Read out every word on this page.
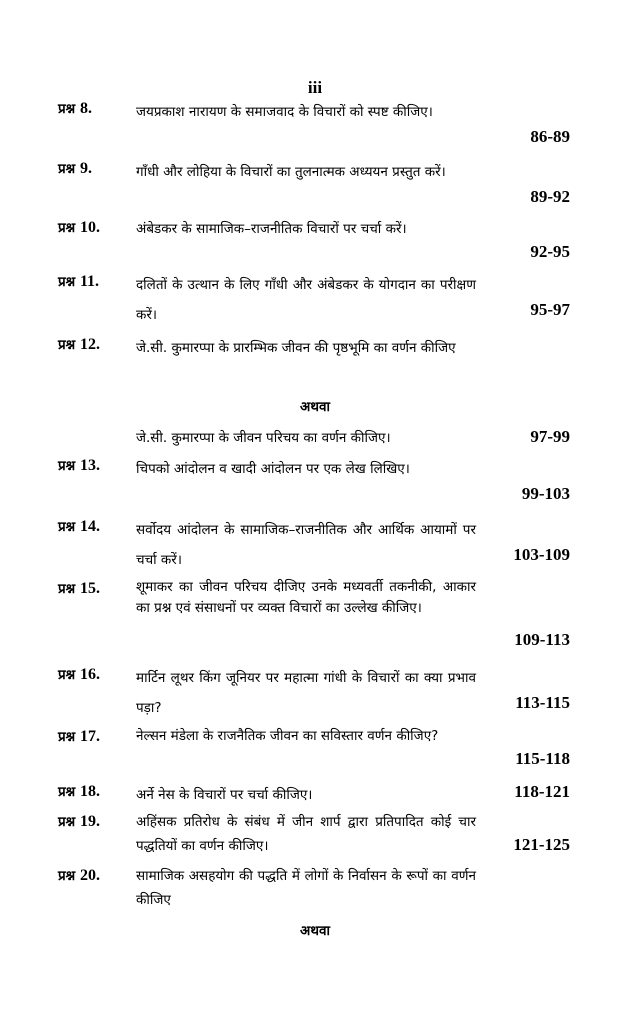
iii
प्रश्न 8.	जयप्रकाश नारायण के समाजवाद के विचारों को स्पष्ट कीजिए।
86-89
प्रश्न 9.	गाँधी और लोहिया के विचारों का तुलनात्मक अध्ययन प्रस्तुत करें।
89-92
प्रश्न 10.	अंबेडकर के सामाजिक–राजनीतिक विचारों पर चर्चा करें।
92-95
प्रश्न 11.	दलितों के उत्थान के लिए गाँधी और अंबेडकर के योगदान का परीक्षण करें।	95-97
प्रश्न 12.	जे.सी. कुमारप्पा के प्रारम्भिक जीवन की पृष्ठभूमि का वर्णन कीजिए
अथवा
जे.सी. कुमारप्पा के जीवन परिचय का वर्णन कीजिए।	97-99
प्रश्न 13.	चिपको आंदोलन व खादी आंदोलन पर एक लेख लिखिए।
99-103
प्रश्न 14.	सर्वोदय आंदोलन के सामाजिक–राजनीतिक और आर्थिक आयामों पर चर्चा करें।	103-109
प्रश्न 15.	शूमाकर का जीवन परिचय दीजिए उनके मध्यवर्ती तकनीकी, आकार का प्रश्न एवं संसाधनों पर व्यक्त विचारों का उल्लेख कीजिए।
109-113
प्रश्न 16.	मार्टिन लूथर किंग जूनियर पर महात्मा गांधी के विचारों का क्या प्रभाव पड़ा?	113-115
प्रश्न 17.	नेल्सन मंडेला के राजनैतिक जीवन का सविस्तार वर्णन कीजिए?
115-118
प्रश्न 18.	अर्ने नेस के विचारों पर चर्चा कीजिए।	118-121
प्रश्न 19.	अहिंसक प्रतिरोध के संबंध में जीन शार्प द्वारा प्रतिपादित कोई चार पद्धतियों का वर्णन कीजिए।	121-125
प्रश्न 20.	सामाजिक असहयोग की पद्धति में लोगों के निर्वासन के रूपों का वर्णन कीजिए
अथवा
